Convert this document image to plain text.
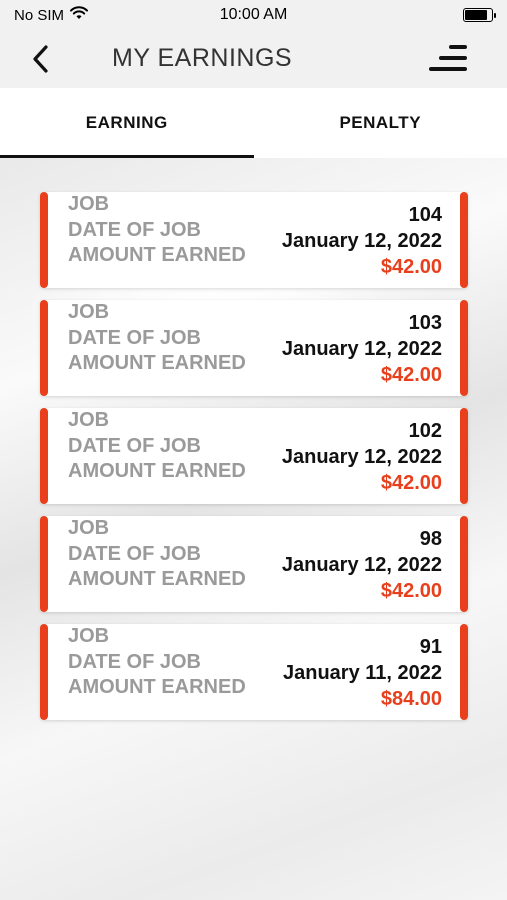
No SIM	10:00 AM
MY EARNINGS
EARNING	PENALTY
JOB
DATE OF JOB
AMOUNT EARNED
104
January 12, 2022
$42.00
JOB
DATE OF JOB
AMOUNT EARNED
103
January 12, 2022
$42.00
JOB
DATE OF JOB
AMOUNT EARNED
102
January 12, 2022
$42.00
JOB
DATE OF JOB
AMOUNT EARNED
98
January 12, 2022
$42.00
JOB
DATE OF JOB
AMOUNT EARNED
91
January 11, 2022
$84.00
